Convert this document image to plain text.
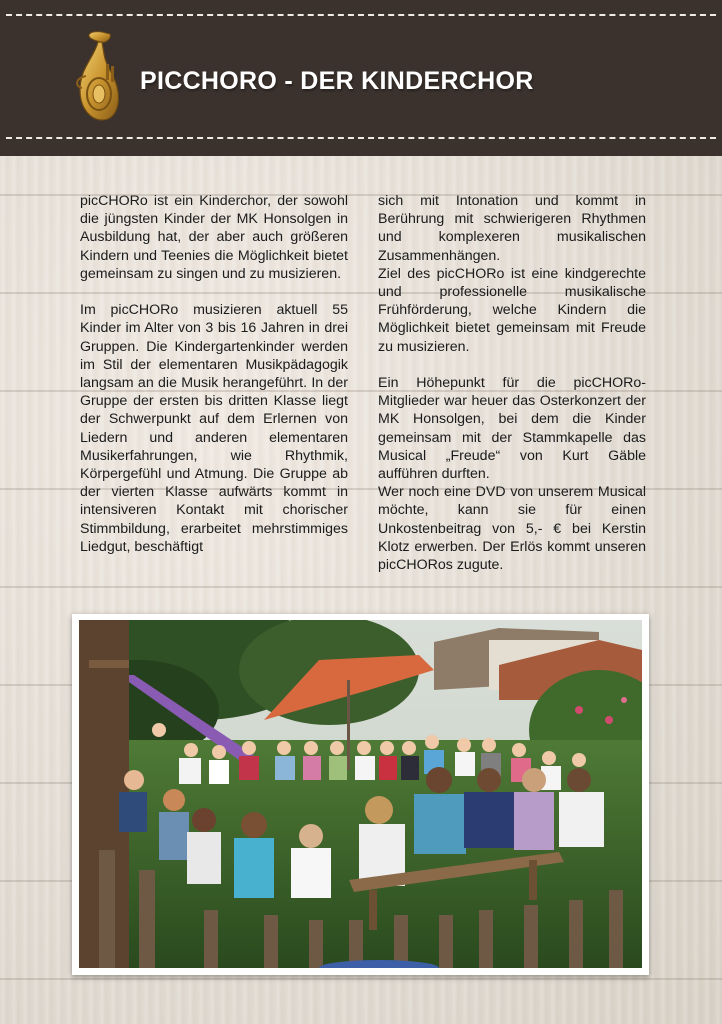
PICCHORO - DER KINDERCHOR

picCHORo ist ein Kinderchor, der sowohl die jüngsten Kinder der MK Honsolgen in Ausbildung hat, der aber auch größeren Kindern und Teenies die Möglichkeit bietet gemeinsam zu singen und zu musizieren.

Im picCHORo musizieren aktuell 55 Kinder im Alter von 3 bis 16 Jahren in drei Gruppen. Die Kindergartenkinder werden im Stil der elementaren Musikpädagogik langsam an die Musik herangeführt. In der Gruppe der ersten bis dritten Klasse liegt der Schwerpunkt auf dem Erlernen von Liedern und anderen elementaren Musikerfahrungen, wie Rhythmik, Körpergefühl und Atmung. Die Gruppe ab der vierten Klasse aufwärts kommt in intensiveren Kontakt mit chorischer Stimmbildung, erarbeitet mehrstimmiges Liedgut, beschäftigt

sich mit Intonation und kommt in Berührung mit schwierigeren Rhythmen und komplexeren musikalischen Zusammenhängen.

Ziel des picCHORo ist eine kindgerechte und professionelle musikalische Frühförderung, welche Kindern die Möglichkeit bietet gemeinsam mit Freude zu musizieren.

Ein Höhepunkt für die picCHORo-Mitglieder war heuer das Osterkonzert der MK Honsolgen, bei dem die Kinder gemeinsam mit der Stammkapelle das Musical „Freude“ von Kurt Gäble aufführen durften.

Wer noch eine DVD von unserem Musical möchte, kann sie für einen Unkostenbeitrag von 5,- € bei Kerstin Klotz erwerben. Der Erlös kommt unseren picCHORos zugute.
